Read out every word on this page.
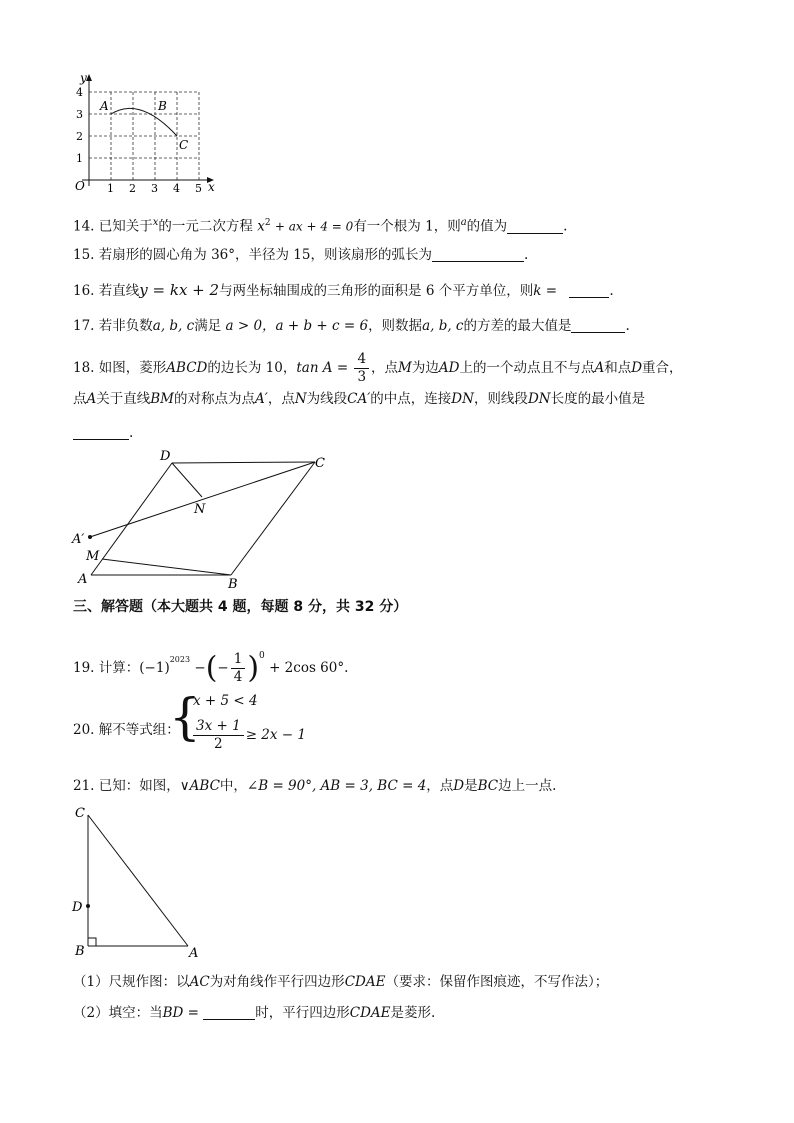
y
x
O
1
2
3
4
1 2 3 4 5
A	B
C
14. 已知关于$^x$的一元二次方程 $x^2$ + ax + 4 = 0有一个根为 1，则$^a$的值为	.
15. 若扇形的圆心角为 36°，半径为 15，则该扇形的弧长为	.
16. 若直线y = kx + 2与两坐标轴围成的三角形的面积是 6 个平方单位，则k =	.
17. 若非负数a, b, c满足 a > 0，a + b + c = 6，则数据a, b, c的方差的最大值是	.
18. 如图，菱形ABCD的边长为 10，$\tan A = \frac{4}{3}$ ，点M为边AD上的一个动点且不与点A和点D重合，
点A关于直线BM的对称点为点A′，点N为线段CA′的中点，连接DN，则线段DN长度的最小值是
.
D	C
N
A′
M
A	B
三、解答题（本大题共 4 题，每题 8 分，共 32 分）
19. 计算：$(-1)^{2023}$ −(− $\frac{1}{4} )^0 + 2\cos$ 60°.
20. 解不等式组：
{
x + 5 < 4
$\frac{3x + 1}{2} \ge 2x - 1$
21. 已知：如图，∨ABC中，∠B = 90°, AB = 3, BC = 4，点D是BC边上一点.
C
D
B	A
（1）尺规作图：以AC为对角线作平行四边形CDAE（要求：保留作图痕迹，不写作法）；
（2）填空：当BD =	时，平行四边形CDAE是菱形.
